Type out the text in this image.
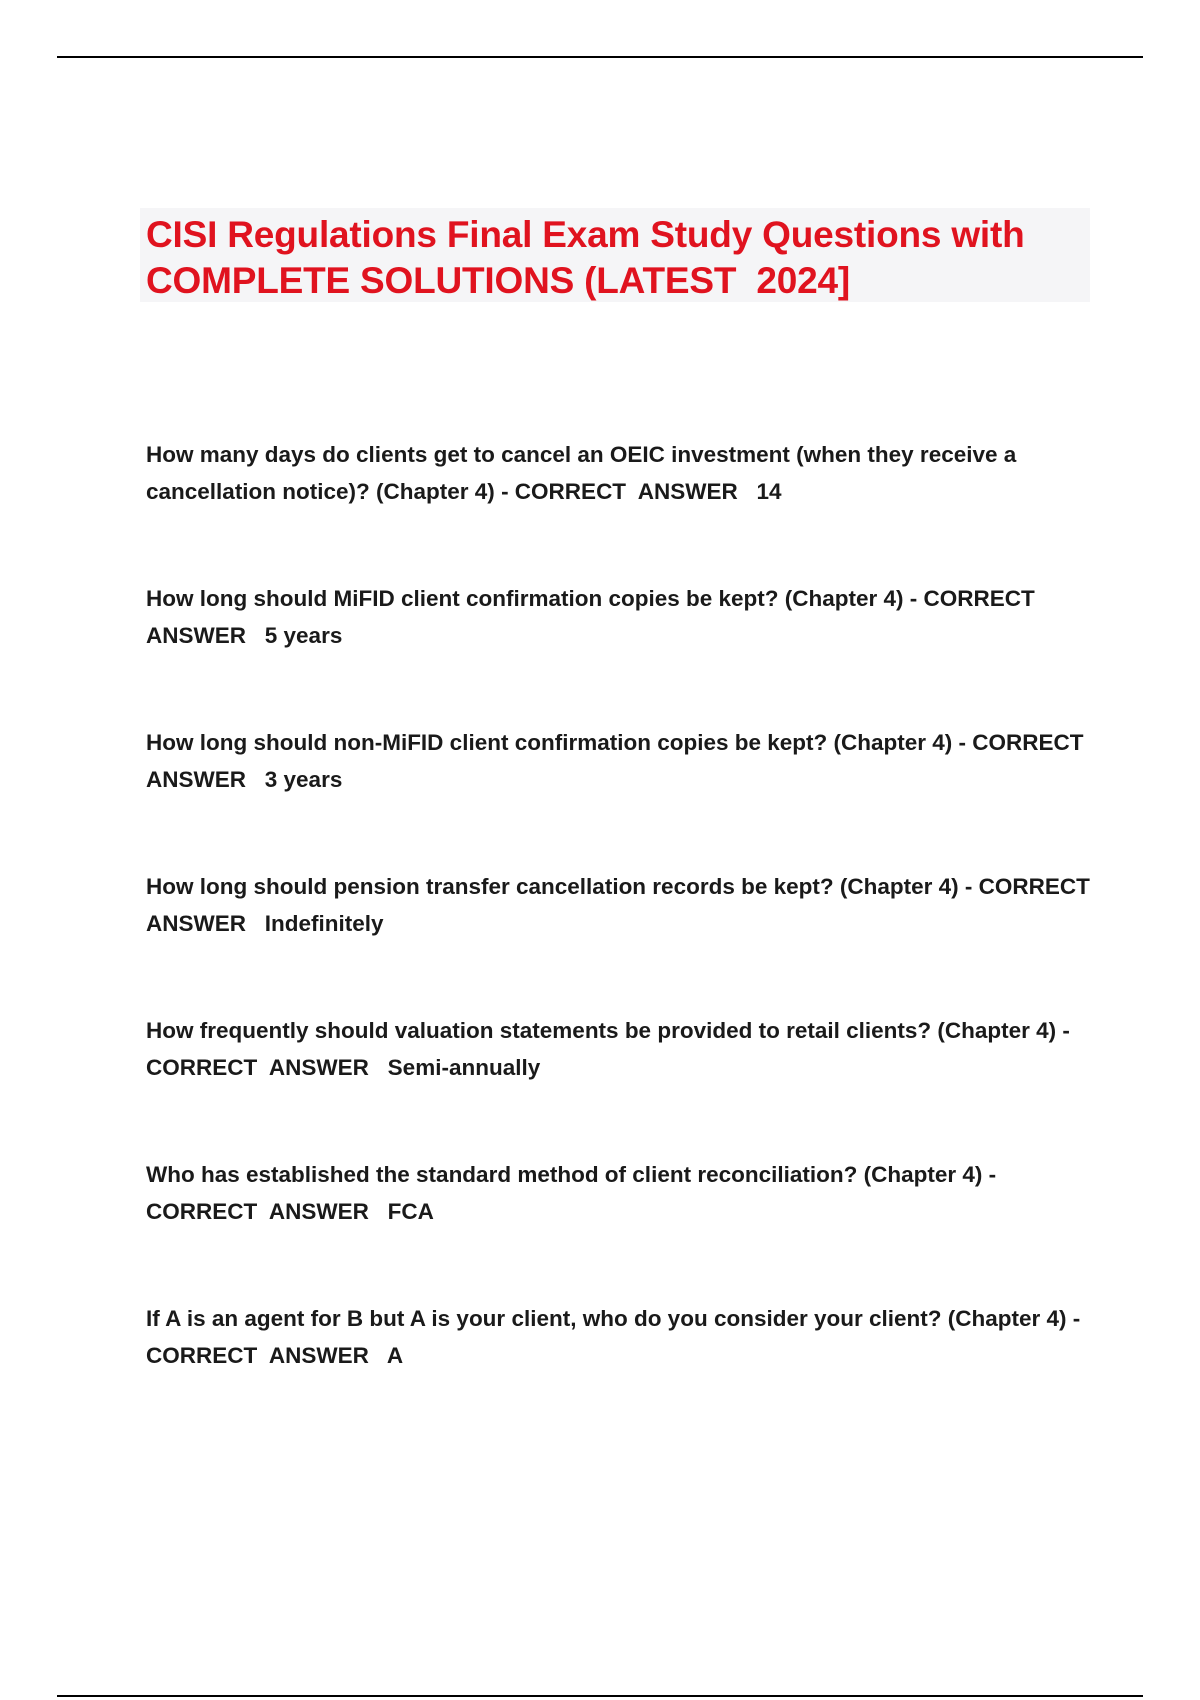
CISI Regulations Final Exam Study Questions with COMPLETE SOLUTIONS (LATEST  2024]
How many days do clients get to cancel an OEIC investment (when they receive a cancellation notice)? (Chapter 4) - CORRECT  ANSWER   14
How long should MiFID client confirmation copies be kept? (Chapter 4) - CORRECT  ANSWER   5 years
How long should non-MiFID client confirmation copies be kept? (Chapter 4) - CORRECT  ANSWER   3 years
How long should pension transfer cancellation records be kept? (Chapter 4) - CORRECT  ANSWER   Indefinitely
How frequently should valuation statements be provided to retail clients? (Chapter 4) - CORRECT  ANSWER   Semi-annually
Who has established the standard method of client reconciliation? (Chapter 4) - CORRECT  ANSWER   FCA
If A is an agent for B but A is your client, who do you consider your client? (Chapter 4) - CORRECT  ANSWER   A
